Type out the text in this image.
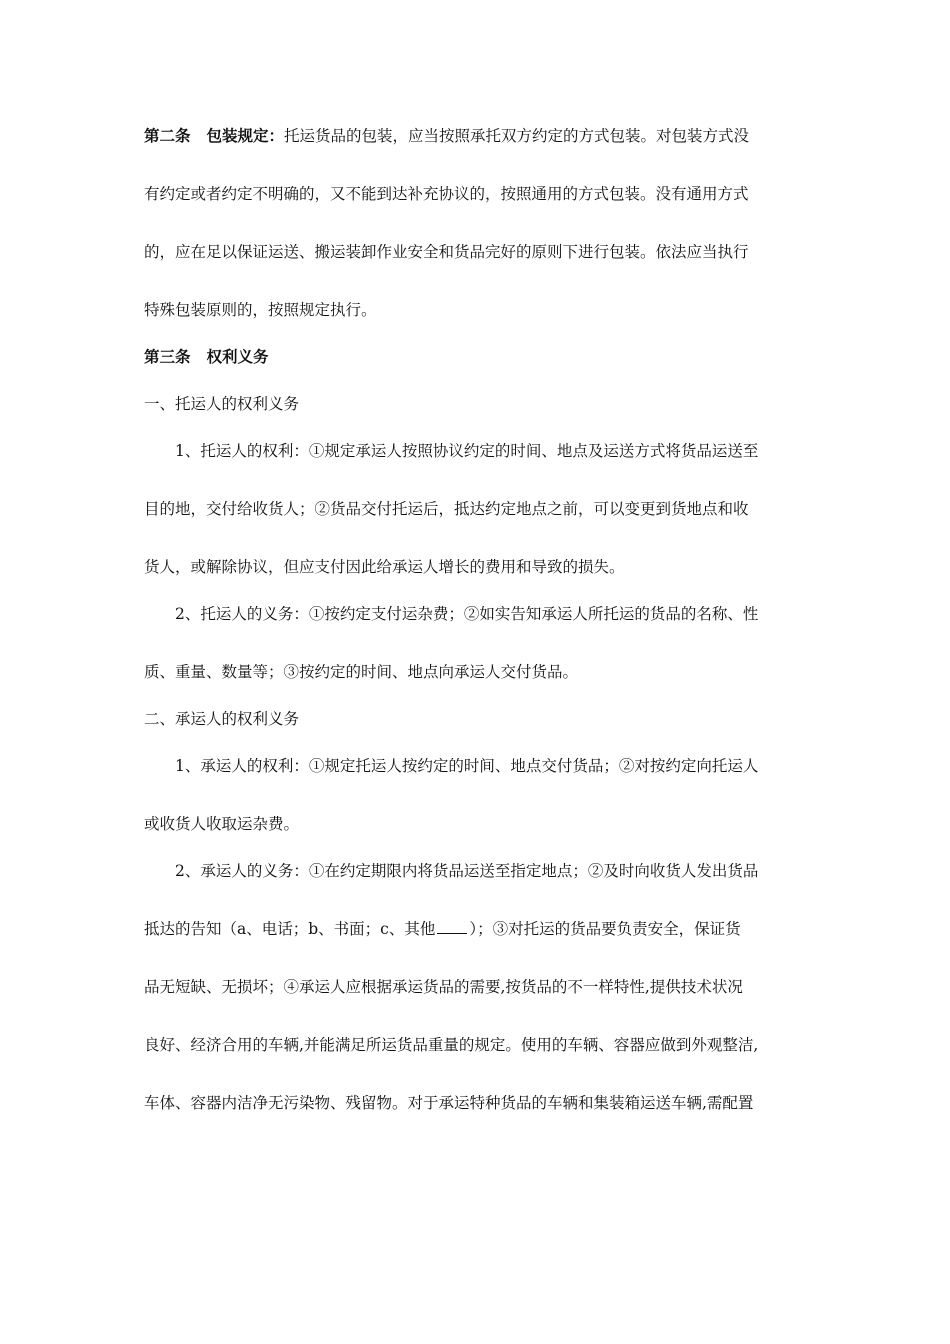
第二条 包装规定：托运货品的包装，应当按照承托双方约定的方式包装。对包装方式没
有约定或者约定不明确的，又不能到达补充协议的，按照通用的方式包装。没有通用方式
的，应在足以保证运送、搬运装卸作业安全和货品完好的原则下进行包装。依法应当执行
特殊包装原则的，按照规定执行。
第三条 权利义务
一、托运人的权利义务
1、托运人的权利：①规定承运人按照协议约定的时间、地点及运送方式将货品运送至
目的地，交付给收货人；②货品交付托运后，抵达约定地点之前，可以变更到货地点和收
货人，或解除协议，但应支付因此给承运人增长的费用和导致的损失。
2、托运人的义务：①按约定支付运杂费；②如实告知承运人所托运的货品的名称、性
质、重量、数量等；③按约定的时间、地点向承运人交付货品。
二、承运人的权利义务
1、承运人的权利：①规定托运人按约定的时间、地点交付货品；②对按约定向托运人
或收货人收取运杂费。
2、承运人的义务：①在约定期限内将货品运送至指定地点；②及时向收货人发出货品
抵达的告知（a、电话；b、书面；c、其他 ）；③对托运的货品要负责安全，保证货
品无短缺、无损坏；④承运人应根据承运货品的需要,按货品的不一样特性,提供技术状况
良好、经济合用的车辆,并能满足所运货品重量的规定。使用的车辆、容器应做到外观整洁,
车体、容器内洁净无污染物、残留物。对于承运特种货品的车辆和集装箱运送车辆,需配置
